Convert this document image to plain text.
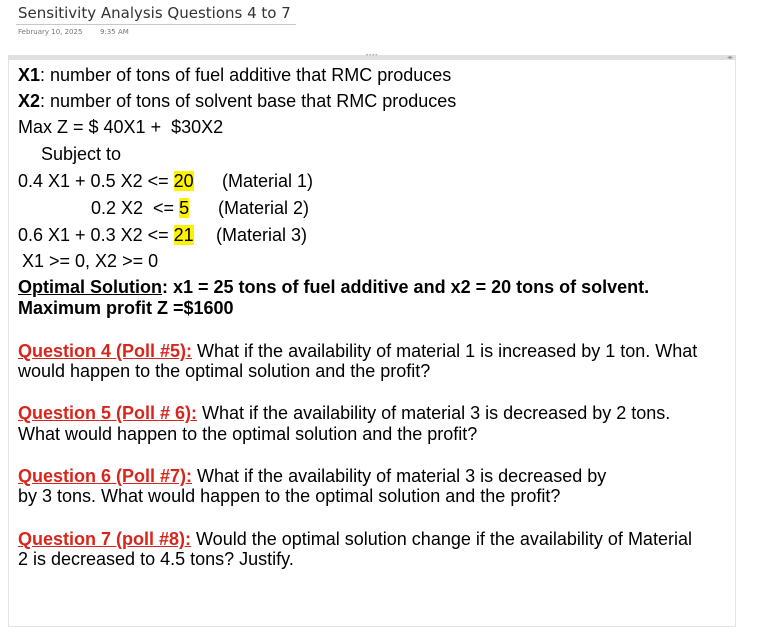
Sensitivity Analysis Questions 4 to 7
February 10, 2025	9:35 AM
••••	◂▸
X1: number of tons of fuel additive that RMC produces
X2: number of tons of solvent base that RMC produces
Max Z = $ 40X1 +  $30X2
Subject to
0.4 X1 + 0.5 X2 <= 20 (Material 1)
0.2 X2  <= 5 (Material 2)
0.6 X1 + 0.3 X2 <= 21 (Material 3)
X1 >= 0, X2 >= 0
Optimal Solution: x1 = 25 tons of fuel additive and x2 = 20 tons of solvent.
Maximum profit Z =$1600
Question 4 (Poll #5): What if the availability of material 1 is increased by 1 ton. What
would happen to the optimal solution and the profit?
Question 5 (Poll # 6): What if the availability of material 3 is decreased by 2 tons.
What would happen to the optimal solution and the profit?
Question 6 (Poll #7): What if the availability of material 3 is decreased by
by 3 tons. What would happen to the optimal solution and the profit?
Question 7 (poll #8): Would the optimal solution change if the availability of Material
2 is decreased to 4.5 tons? Justify.
